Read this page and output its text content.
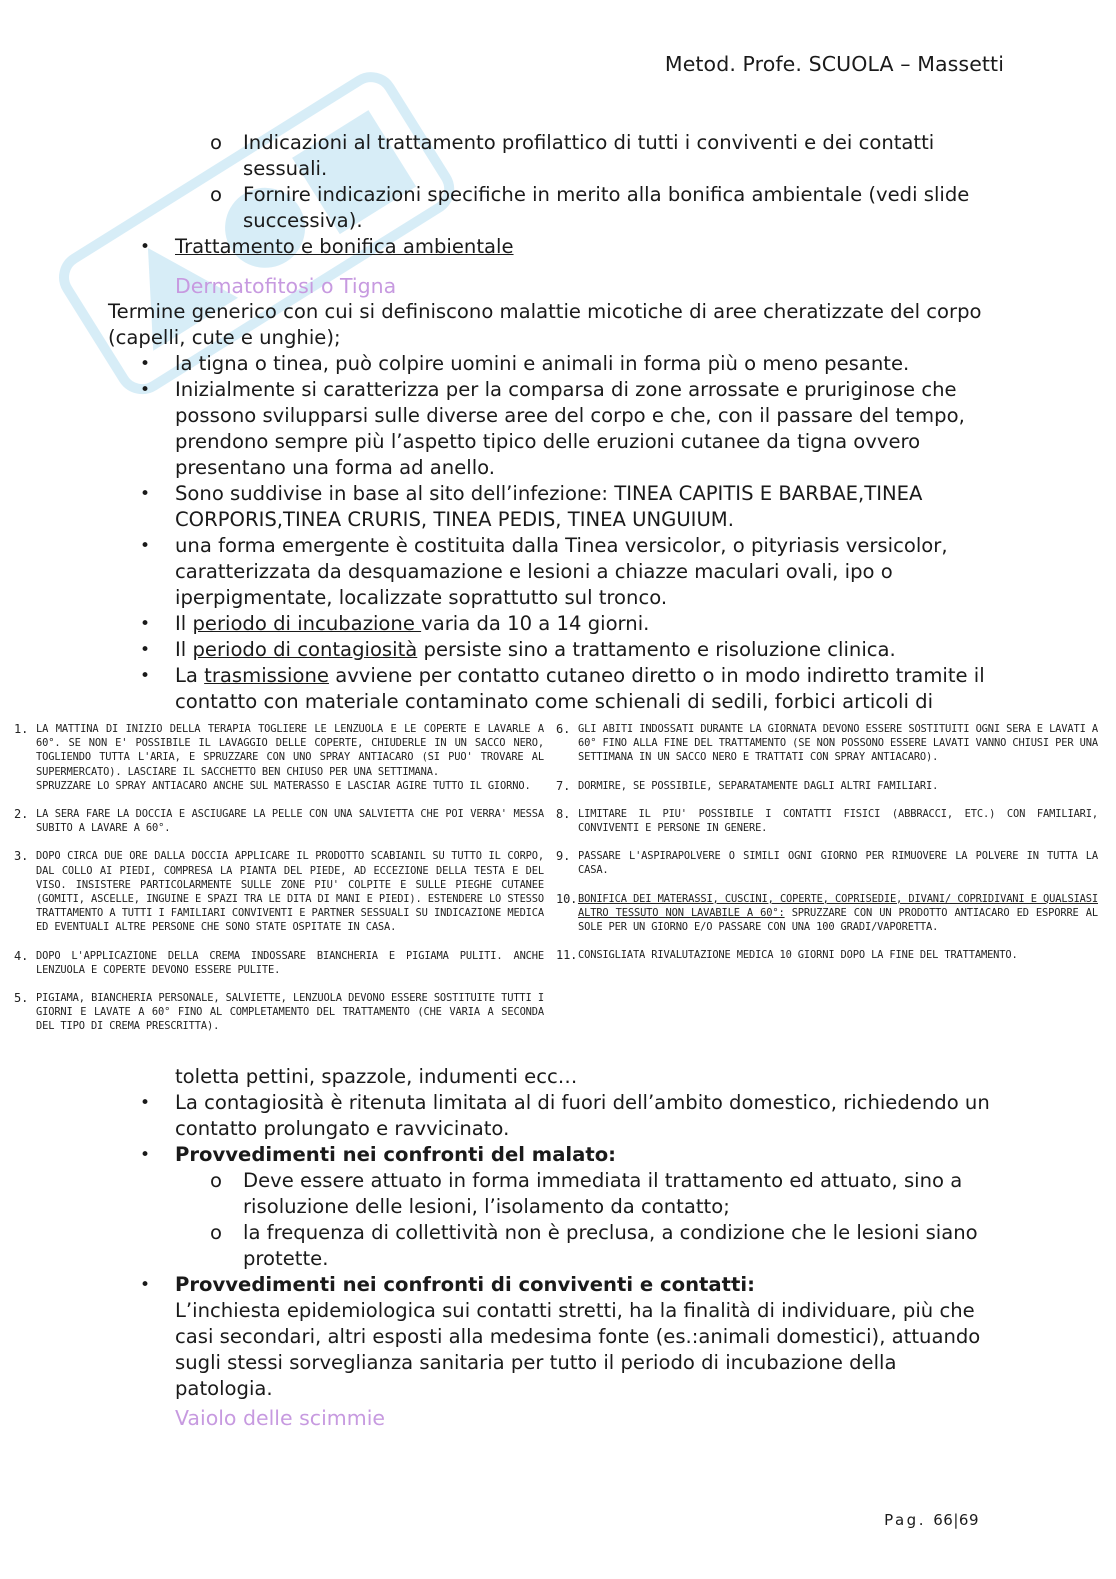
Metod. Profe. SCUOLA – Massetti
o Indicazioni al trattamento profilattico di tutti i conviventi e dei contatti sessuali.
o Fornire indicazioni specifiche in merito alla bonifica ambientale (vedi slide successiva).
• Trattamento e bonifica ambientale
Dermatofitosi o Tigna
Termine generico con cui si definiscono malattie micotiche di aree cheratizzate del corpo (capelli, cute e unghie);
• la tigna o tinea, può colpire uomini e animali in forma più o meno pesante.
• Inizialmente si caratterizza per la comparsa di zone arrossate e pruriginose che possono svilupparsi sulle diverse aree del corpo e che, con il passare del tempo, prendono sempre più l’aspetto tipico delle eruzioni cutanee da tigna ovvero presentano una forma ad anello.
• Sono suddivise in base al sito dell’infezione: TINEA CAPITIS E BARBAE,TINEA CORPORIS,TINEA CRURIS, TINEA PEDIS, TINEA UNGUIUM.
• una forma emergente è costituita dalla Tinea versicolor, o pityriasis versicolor, caratterizzata da desquamazione e lesioni a chiazze maculari ovali, ipo o iperpigmentate, localizzate soprattutto sul tronco.
• Il periodo di incubazione varia da 10 a 14 giorni.
• Il periodo di contagiosità persiste sino a trattamento e risoluzione clinica.
• La trasmissione avviene per contatto cutaneo diretto o in modo indiretto tramite il contatto con materiale contaminato come schienali di sedili, forbici articoli di
1. LA MATTINA DI INIZIO DELLA TERAPIA TOGLIERE LE LENZUOLA E LE COPERTE E LAVARLE A 60°. SE NON E' POSSIBILE IL LAVAGGIO DELLE COPERTE, CHIUDERLE IN UN SACCO NERO, TOGLIENDO TUTTA L'ARIA, E SPRUZZARE CON UNO SPRAY ANTIACARO (SI PUO' TROVARE AL SUPERMERCATO). LASCIARE IL SACCHETTO BEN CHIUSO PER UNA SETTIMANA.
SPRUZZARE LO SPRAY ANTIACARO ANCHE SUL MATERASSO E LASCIAR AGIRE TUTTO IL GIORNO.
2. LA SERA FARE LA DOCCIA E ASCIUGARE LA PELLE CON UNA SALVIETTA CHE POI VERRA' MESSA SUBITO A LAVARE A 60°.
3. DOPO CIRCA DUE ORE DALLA DOCCIA APPLICARE IL PRODOTTO SCABIANIL SU TUTTO IL CORPO, DAL COLLO AI PIEDI, COMPRESA LA PIANTA DEL PIEDE, AD ECCEZIONE DELLA TESTA E DEL VISO. INSISTERE PARTICOLARMENTE SULLE ZONE PIU' COLPITE E SULLE PIEGHE CUTANEE (GOMITI, ASCELLE, INGUINE E SPAZI TRA LE DITA DI MANI E PIEDI). ESTENDERE LO STESSO TRATTAMENTO A TUTTI I FAMILIARI CONVIVENTI E PARTNER SESSUALI SU INDICAZIONE MEDICA ED EVENTUALI ALTRE PERSONE CHE SONO STATE OSPITATE IN CASA.
4. DOPO L'APPLICAZIONE DELLA CREMA INDOSSARE BIANCHERIA E PIGIAMA PULITI. ANCHE LENZUOLA E COPERTE DEVONO ESSERE PULITE.
5. PIGIAMA, BIANCHERIA PERSONALE, SALVIETTE, LENZUOLA DEVONO ESSERE SOSTITUITE TUTTI I GIORNI E LAVATE A 60° FINO AL COMPLETAMENTO DEL TRATTAMENTO (CHE VARIA A SECONDA DEL TIPO DI CREMA PRESCRITTA).
6. GLI ABITI INDOSSATI DURANTE LA GIORNATA DEVONO ESSERE SOSTITUITI OGNI SERA E LAVATI A 60° FINO ALLA FINE DEL TRATTAMENTO (SE NON POSSONO ESSERE LAVATI VANNO CHIUSI PER UNA SETTIMANA IN UN SACCO NERO E TRATTATI CON SPRAY ANTIACARO).
7. DORMIRE, SE POSSIBILE, SEPARATAMENTE DAGLI ALTRI FAMILIARI.
8. LIMITARE IL PIU' POSSIBILE I CONTATTI FISICI (ABBRACCI, ETC.) CON FAMILIARI, CONVIVENTI E PERSONE IN GENERE.
9. PASSARE L'ASPIRAPOLVERE O SIMILI OGNI GIORNO PER RIMUOVERE LA POLVERE IN TUTTA LA CASA.
10. BONIFICA DEI MATERASSI, CUSCINI, COPERTE, COPRISEDIE, DIVANI/ COPRIDIVANI E QUALSIASI ALTRO TESSUTO NON LAVABILE A 60°: SPRUZZARE CON UN PRODOTTO ANTIACARO ED ESPORRE AL SOLE PER UN GIORNO E/O PASSARE CON UNA 100 GRADI/VAPORETTA.
11. CONSIGLIATA RIVALUTAZIONE MEDICA 10 GIORNI DOPO LA FINE DEL TRATTAMENTO.
toletta pettini, spazzole, indumenti ecc…
• La contagiosità è ritenuta limitata al di fuori dell’ambito domestico, richiedendo un contatto prolungato e ravvicinato.
• Provvedimenti nei confronti del malato:
o Deve essere attuato in forma immediata il trattamento ed attuato, sino a risoluzione delle lesioni, l’isolamento da contatto;
o la frequenza di collettività non è preclusa, a condizione che le lesioni siano protette.
• Provvedimenti nei confronti di conviventi e contatti:
L’inchiesta epidemiologica sui contatti stretti, ha la finalità di individuare, più che casi secondari, altri esposti alla medesima fonte (es.:animali domestici), attuando sugli stessi sorveglianza sanitaria per tutto il periodo di incubazione della patologia.
Vaiolo delle scimmie
Pag. 66|69
